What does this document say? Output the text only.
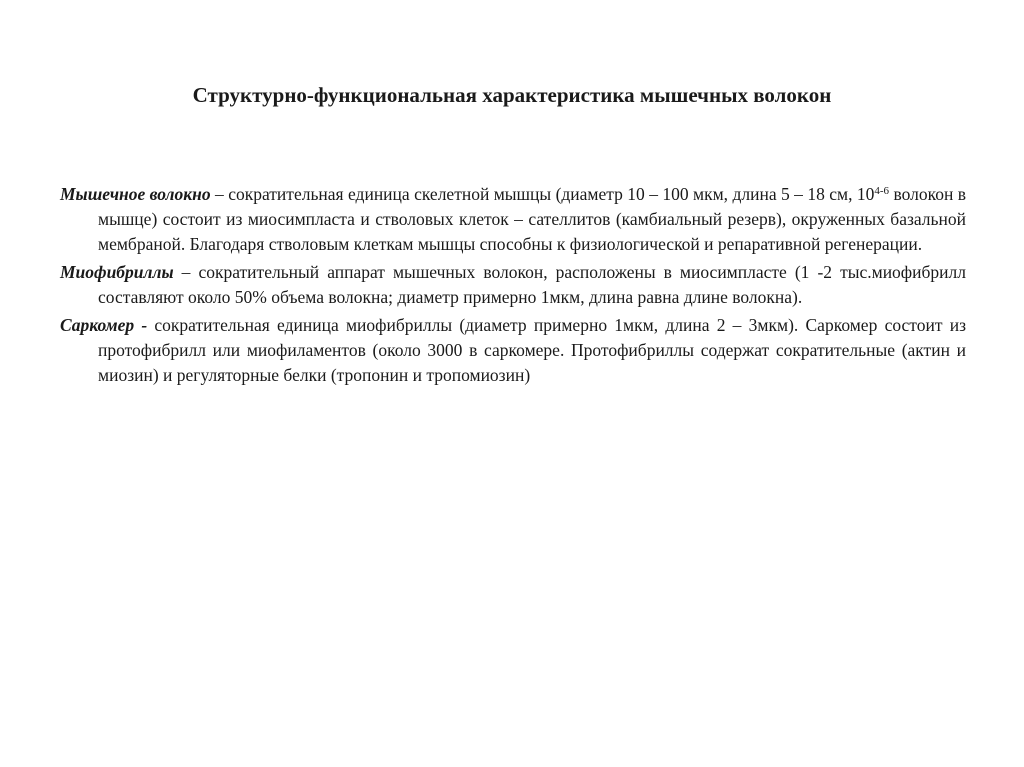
Структурно-функциональная характеристика мышечных волокон

Мышечное волокно – сократительная единица скелетной мышцы (диаметр 10 – 100 мкм, длина 5 – 18 см, 10$^{4-6}$ волокон в мышце) состоит из миосимпласта и стволовых клеток – сателлитов (камбиальный резерв), окруженных базальной мембраной. Благодаря стволовым клеткам мышцы способны к физиологической и репаративной регенерации.

Миофибриллы – сократительный аппарат мышечных волокон, расположены в миосимпласте (1 -2 тыс.миофибрилл составляют около 50% объема волокна; диаметр примерно 1мкм, длина равна длине волокна).

Саркомер - сократительная единица миофибриллы (диаметр примерно 1мкм, длина 2 – 3мкм). Саркомер состоит из протофибрилл или миофиламентов (около 3000 в саркомере. Протофибриллы содержат сократительные (актин и миозин) и регуляторные белки (тропонин и тропомиозин)
